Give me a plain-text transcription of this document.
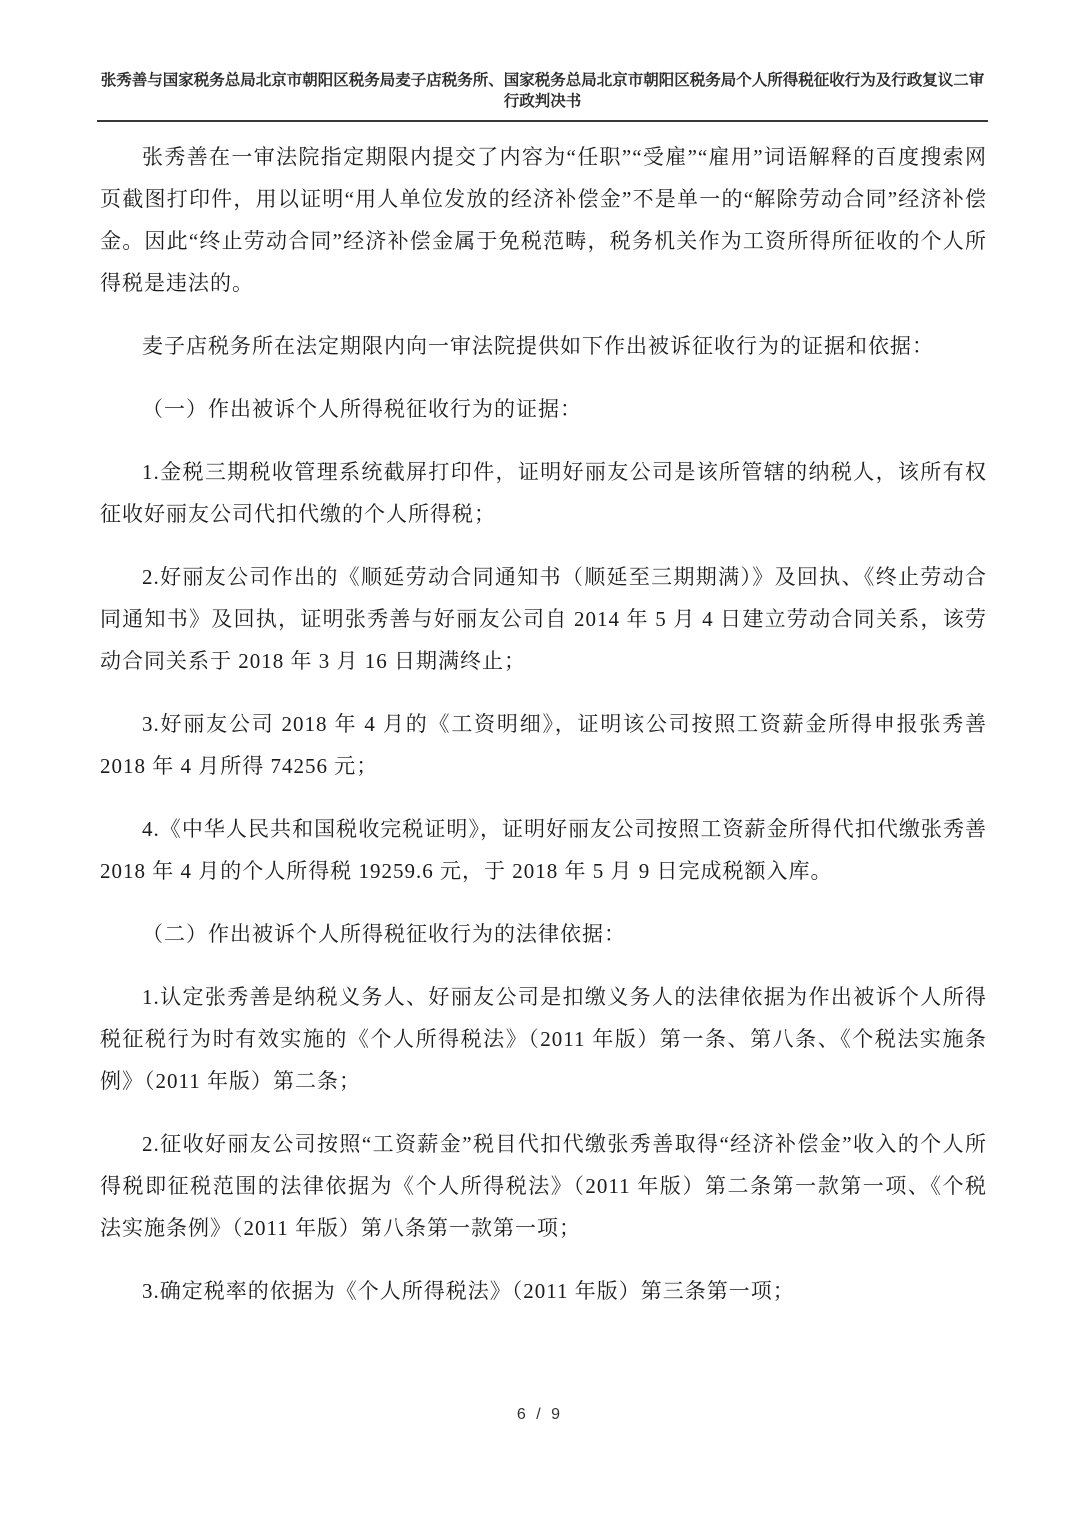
张秀善与国家税务总局北京市朝阳区税务局麦子店税务所、国家税务总局北京市朝阳区税务局个人所得税征收行为及行政复议二审行政判决书

张秀善在一审法院指定期限内提交了内容为“任职”“受雇”“雇用”词语解释的百度搜索网页截图打印件，用以证明“用人单位发放的经济补偿金”不是单一的“解除劳动合同”经济补偿金。因此“终止劳动合同”经济补偿金属于免税范畴，税务机关作为工资所得所征收的个人所得税是违法的。

麦子店税务所在法定期限内向一审法院提供如下作出被诉征收行为的证据和依据：

（一）作出被诉个人所得税征收行为的证据：

1.金税三期税收管理系统截屏打印件，证明好丽友公司是该所管辖的纳税人，该所有权征收好丽友公司代扣代缴的个人所得税；

2.好丽友公司作出的《顺延劳动合同通知书（顺延至三期期满）》及回执、《终止劳动合同通知书》及回执，证明张秀善与好丽友公司自 2014 年 5 月 4 日建立劳动合同关系，该劳动合同关系于 2018 年 3 月 16 日期满终止；

3.好丽友公司 2018 年 4 月的《工资明细》，证明该公司按照工资薪金所得申报张秀善 2018 年 4 月所得 74256 元；

4.《中华人民共和国税收完税证明》，证明好丽友公司按照工资薪金所得代扣代缴张秀善 2018 年 4 月的个人所得税 19259.6 元，于 2018 年 5 月 9 日完成税额入库。

（二）作出被诉个人所得税征收行为的法律依据：

1.认定张秀善是纳税义务人、好丽友公司是扣缴义务人的法律依据为作出被诉个人所得税征税行为时有效实施的《个人所得税法》（2011 年版）第一条、第八条、《个税法实施条例》（2011 年版）第二条；

2.征收好丽友公司按照“工资薪金”税目代扣代缴张秀善取得“经济补偿金”收入的个人所得税即征税范围的法律依据为《个人所得税法》（2011 年版）第二条第一款第一项、《个税法实施条例》（2011 年版）第八条第一款第一项；

3.确定税率的依据为《个人所得税法》（2011 年版）第三条第一项；

6 / 9
